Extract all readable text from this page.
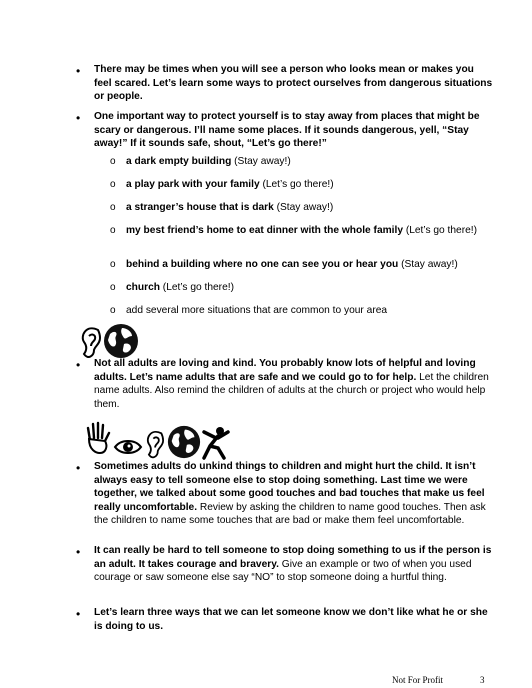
• There may be times when you will see a person who looks mean or makes you feel scared. Let’s learn some ways to protect ourselves from dangerous situations or people.
• One important way to protect yourself is to stay away from places that might be scary or dangerous. I’ll name some places. If it sounds dangerous, yell, “Stay away!” If it sounds safe, shout, “Let’s go there!”
o a dark empty building (Stay away!)
o a play park with your family (Let’s go there!)
o a stranger’s house that is dark (Stay away!)
o my best friend’s home to eat dinner with the whole family (Let’s go there!)
o behind a building where no one can see you or hear you (Stay away!)
o church (Let’s go there!)
o add several more situations that are common to your area
• Not all adults are loving and kind. You probably know lots of helpful and loving adults. Let’s name adults that are safe and we could go to for help. Let the children name adults. Also remind the children of adults at the church or project who would help them.
• Sometimes adults do unkind things to children and might hurt the child. It isn’t always easy to tell someone else to stop doing something. Last time we were together, we talked about some good touches and bad touches that make us feel really uncomfortable. Review by asking the children to name good touches. Then ask the children to name some touches that are bad or make them feel uncomfortable.
• It can really be hard to tell someone to stop doing something to us if the person is an adult. It takes courage and bravery. Give an example or two of when you used courage or saw someone else say “NO” to stop someone doing a hurtful thing.
• Let’s learn three ways that we can let someone know we don’t like what he or she is doing to us.
Not For Profit	3
